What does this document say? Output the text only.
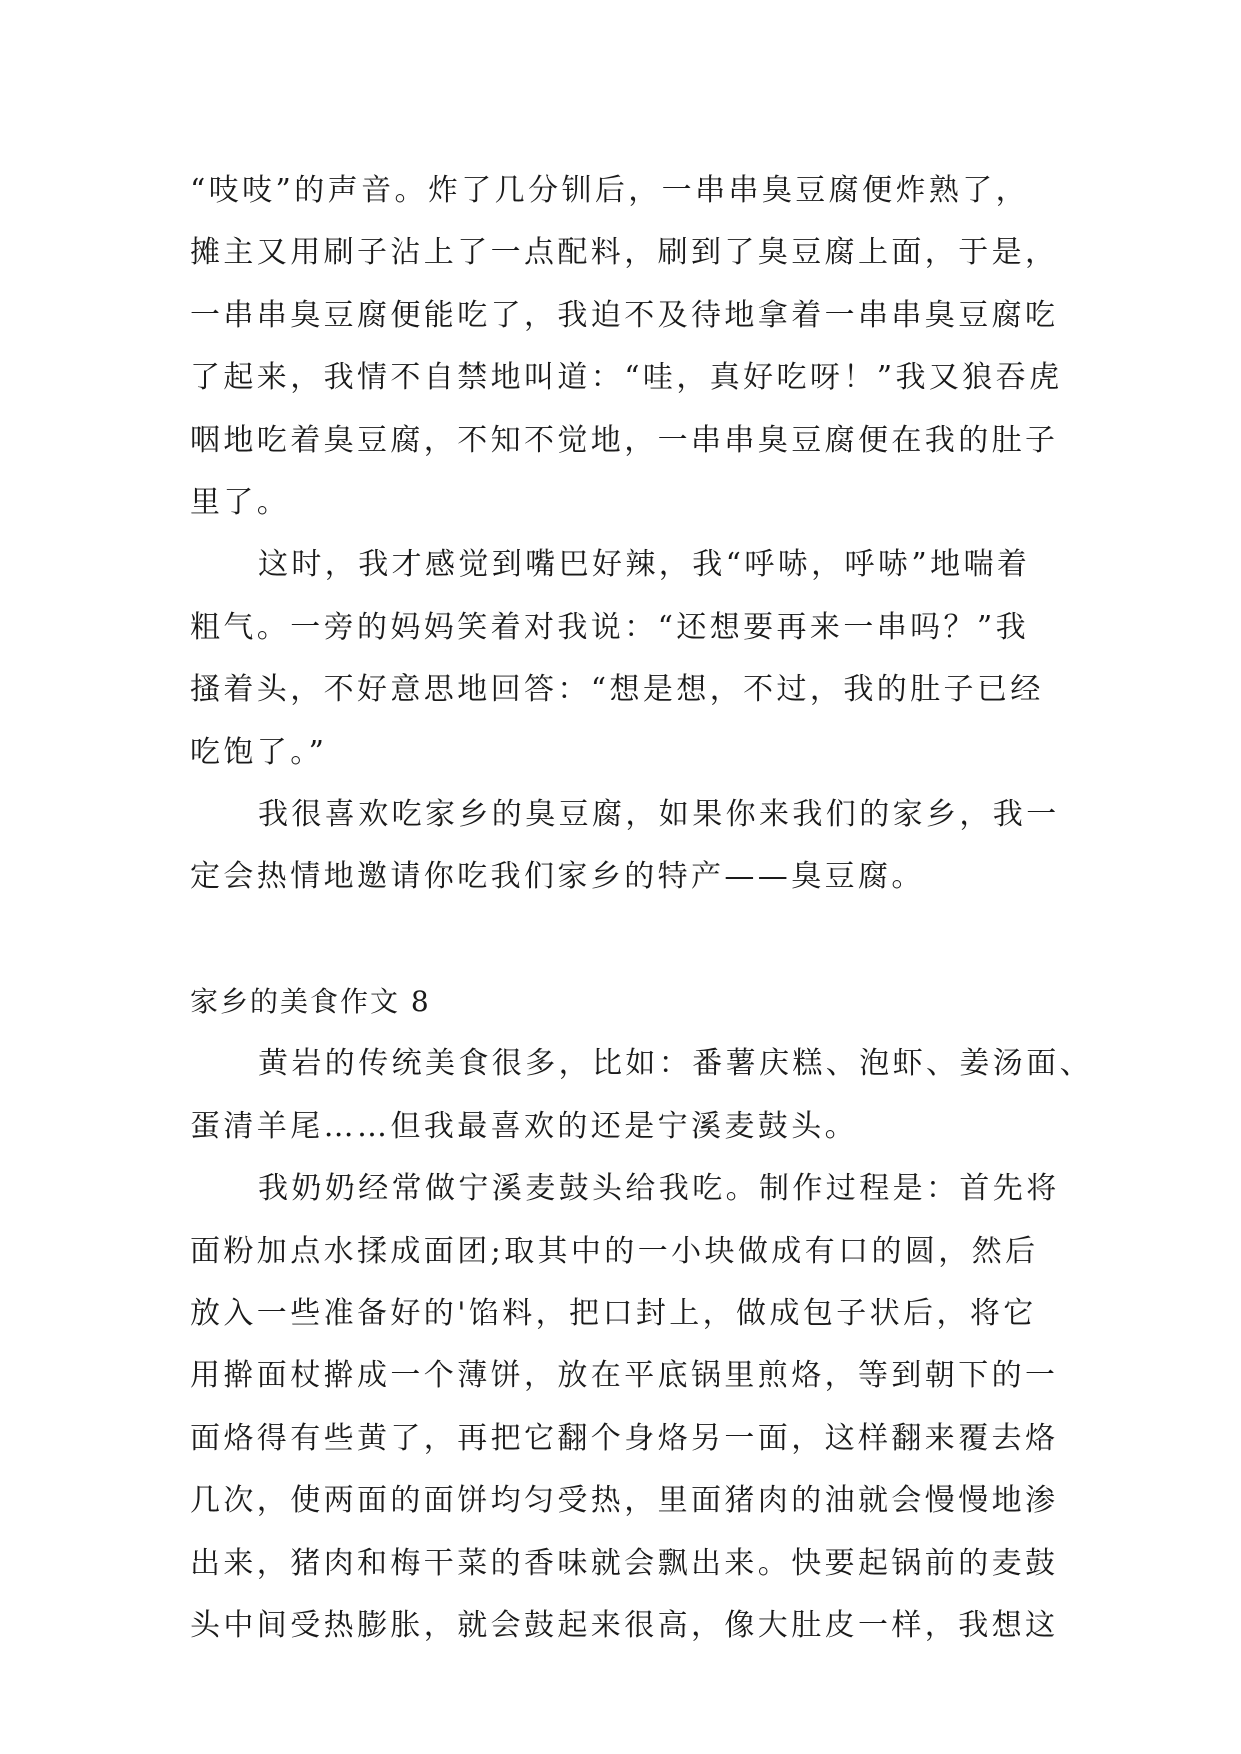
“吱吱”的声音。炸了几分钏后，一串串臭豆腐便炸熟了，
摊主又用刷子沾上了一点配料，刷到了臭豆腐上面，于是，
一串串臭豆腐便能吃了，我迫不及待地拿着一串串臭豆腐吃
了起来，我情不自禁地叫道：“哇，真好吃呀！”我又狼吞虎
咽地吃着臭豆腐，不知不觉地，一串串臭豆腐便在我的肚子
里了。
这时，我才感觉到嘴巴好辣，我“呼哧，呼哧”地喘着
粗气。一旁的妈妈笑着对我说：“还想要再来一串吗？”我
搔着头，不好意思地回答：“想是想，不过，我的肚子已经
吃饱了。”
我很喜欢吃家乡的臭豆腐，如果你来我们的家乡，我一
定会热情地邀请你吃我们家乡的特产——臭豆腐。
家乡的美食作文 8
黄岩的传统美食很多，比如：番薯庆糕、泡虾、姜汤面、
蛋清羊尾……但我最喜欢的还是宁溪麦鼓头。
我奶奶经常做宁溪麦鼓头给我吃。制作过程是：首先将
面粉加点水揉成面团;取其中的一小块做成有口的圆，然后
放入一些准备好的'馅料，把口封上，做成包子状后，将它
用擀面杖擀成一个薄饼，放在平底锅里煎烙，等到朝下的一
面烙得有些黄了，再把它翻个身烙另一面，这样翻来覆去烙
几次，使两面的面饼均匀受热，里面猪肉的油就会慢慢地渗
出来，猪肉和梅干菜的香味就会飘出来。快要起锅前的麦鼓
头中间受热膨胀，就会鼓起来很高，像大肚皮一样，我想这
